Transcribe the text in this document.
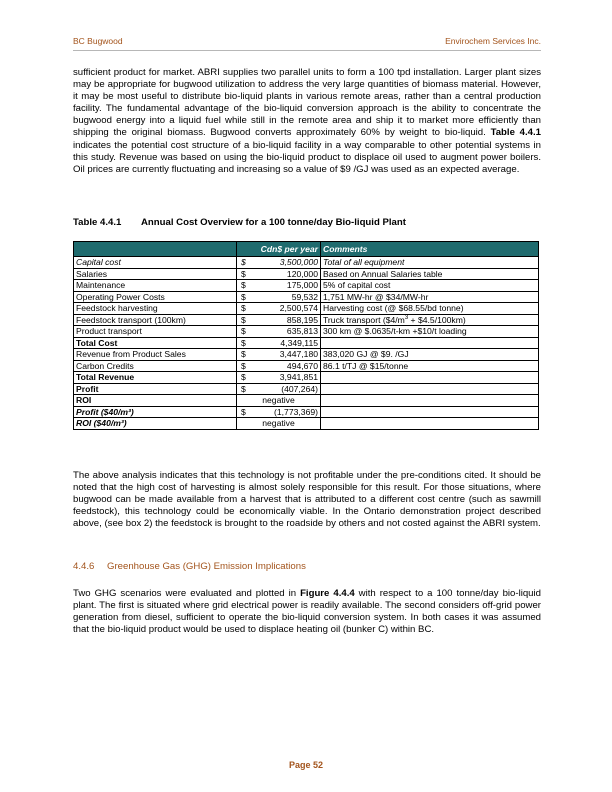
BC Bugwood	Envirochem Services Inc.

sufficient product for market. ABRI supplies two parallel units to form a 100 tpd installation. Larger plant sizes may be appropriate for bugwood utilization to address the very large quantities of biomass material. However, it may be most useful to distribute bio-liquid plants in various remote areas, rather than a central production facility. The fundamental advantage of the bio-liquid conversion approach is the ability to concentrate the bugwood energy into a liquid fuel while still in the remote area and ship it to market more efficiently than shipping the original biomass. Bugwood converts approximately 60% by weight to bio-liquid. Table 4.4.1 indicates the potential cost structure of a bio-liquid facility in a way comparable to other potential systems in this study. Revenue was based on using the bio-liquid product to displace oil used to augment power boilers. Oil prices are currently fluctuating and increasing so a value of $9 /GJ was used as an expected average.

Table 4.4.1 Annual Cost Overview for a 100 tonne/day Bio-liquid Plant
	Cdn$ per year	Comments
Capital cost	$ 3,500,000	Total of all equipment
Salaries	$ 120,000	Based on Annual Salaries table
Maintenance	$ 175,000	5% of capital cost
Operating Power Costs	$ 59,532	1,751 MW-hr @ $34/MW-hr
Feedstock harvesting	$ 2,500,574	Harvesting cost (@ $68.55/bd tonne)
Feedstock transport (100km)	$ 858,195	Truck transport ($\$4/m^3$ + $4.5/100km)
Product transport	$ 635,813	300 km @ $.0635/t-km +$10/t loading
Total Cost	$ 4,349,115	

Revenue from Product Sales	$ 3,447,180	383,020 GJ @ $9. /GJ
Carbon Credits	$ 494,670	86.1 t/TJ @ $15/tonne
Total Revenue	$ 3,941,851	

Profit	$ (407,264)	

ROI	negative	
Profit ($40/m³)	$ (1,773,369)	

ROI ($40/m³)	negative	

The above analysis indicates that this technology is not profitable under the pre-conditions cited. It should be noted that the high cost of harvesting is almost solely responsible for this result. For those situations, where bugwood can be made available from a harvest that is attributed to a different cost centre (such as sawmill feedstock), this technology could be economically viable. In the Ontario demonstration project described above, (see box 2) the feedstock is brought to the roadside by others and not costed against the ABRI system.

4.4.6 Greenhouse Gas (GHG) Emission Implications

Two GHG scenarios were evaluated and plotted in Figure 4.4.4 with respect to a 100 tonne/day bio-liquid plant. The first is situated where grid electrical power is readily available. The second considers off-grid power generation from diesel, sufficient to operate the bio-liquid conversion system. In both cases it was assumed that the bio-liquid product would be used to displace heating oil (bunker C) within BC.

Page 52
